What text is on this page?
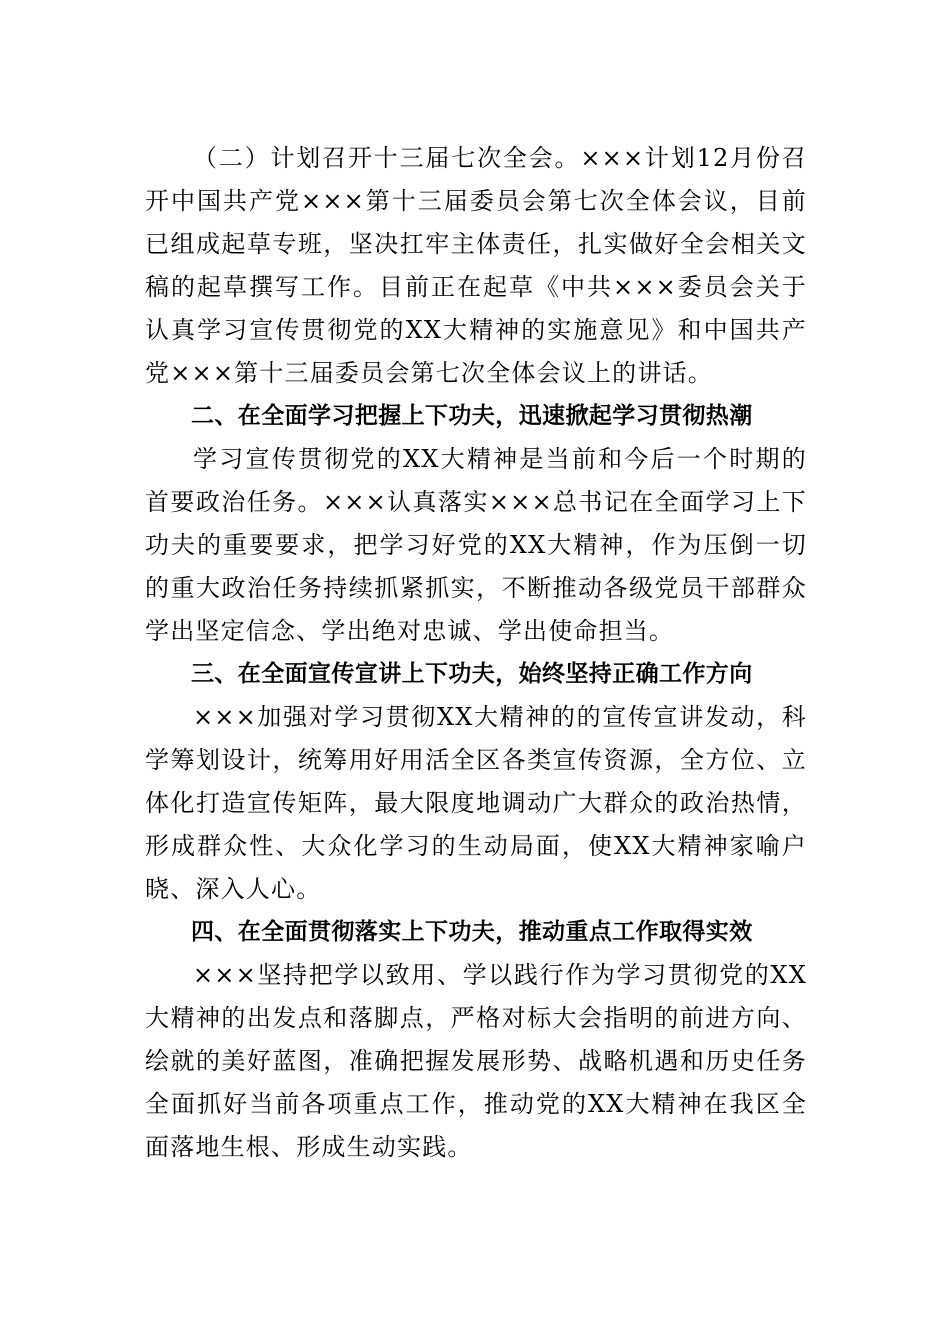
（二）计划召开十三届七次全会。×××计划12月份召开中国共产党×××第十三届委员会第七次全体会议，目前已组成起草专班，坚决扛牢主体责任，扎实做好全会相关文稿的起草撰写工作。目前正在起草《中共×××委员会关于认真学习宣传贯彻党的XX大精神的实施意见》和中国共产党×××第十三届委员会第七次全体会议上的讲话。

二、在全面学习把握上下功夫，迅速掀起学习贯彻热潮

学习宣传贯彻党的XX大精神是当前和今后一个时期的首要政治任务。×××认真落实×××总书记在全面学习上下功夫的重要要求，把学习好党的XX大精神，作为压倒一切的重大政治任务持续抓紧抓实，不断推动各级党员干部群众学出坚定信念、学出绝对忠诚、学出使命担当。

三、在全面宣传宣讲上下功夫，始终坚持正确工作方向

×××加强对学习贯彻XX大精神的的宣传宣讲发动，科学筹划设计，统筹用好用活全区各类宣传资源，全方位、立体化打造宣传矩阵，最大限度地调动广大群众的政治热情，形成群众性、大众化学习的生动局面，使XX大精神家喻户晓、深入人心。

四、在全面贯彻落实上下功夫，推动重点工作取得实效

×××坚持把学以致用、学以践行作为学习贯彻党的XX大精神的出发点和落脚点，严格对标大会指明的前进方向、绘就的美好蓝图，准确把握发展形势、战略机遇和历史任务全面抓好当前各项重点工作，推动党的XX大精神在我区全面落地生根、形成生动实践。
